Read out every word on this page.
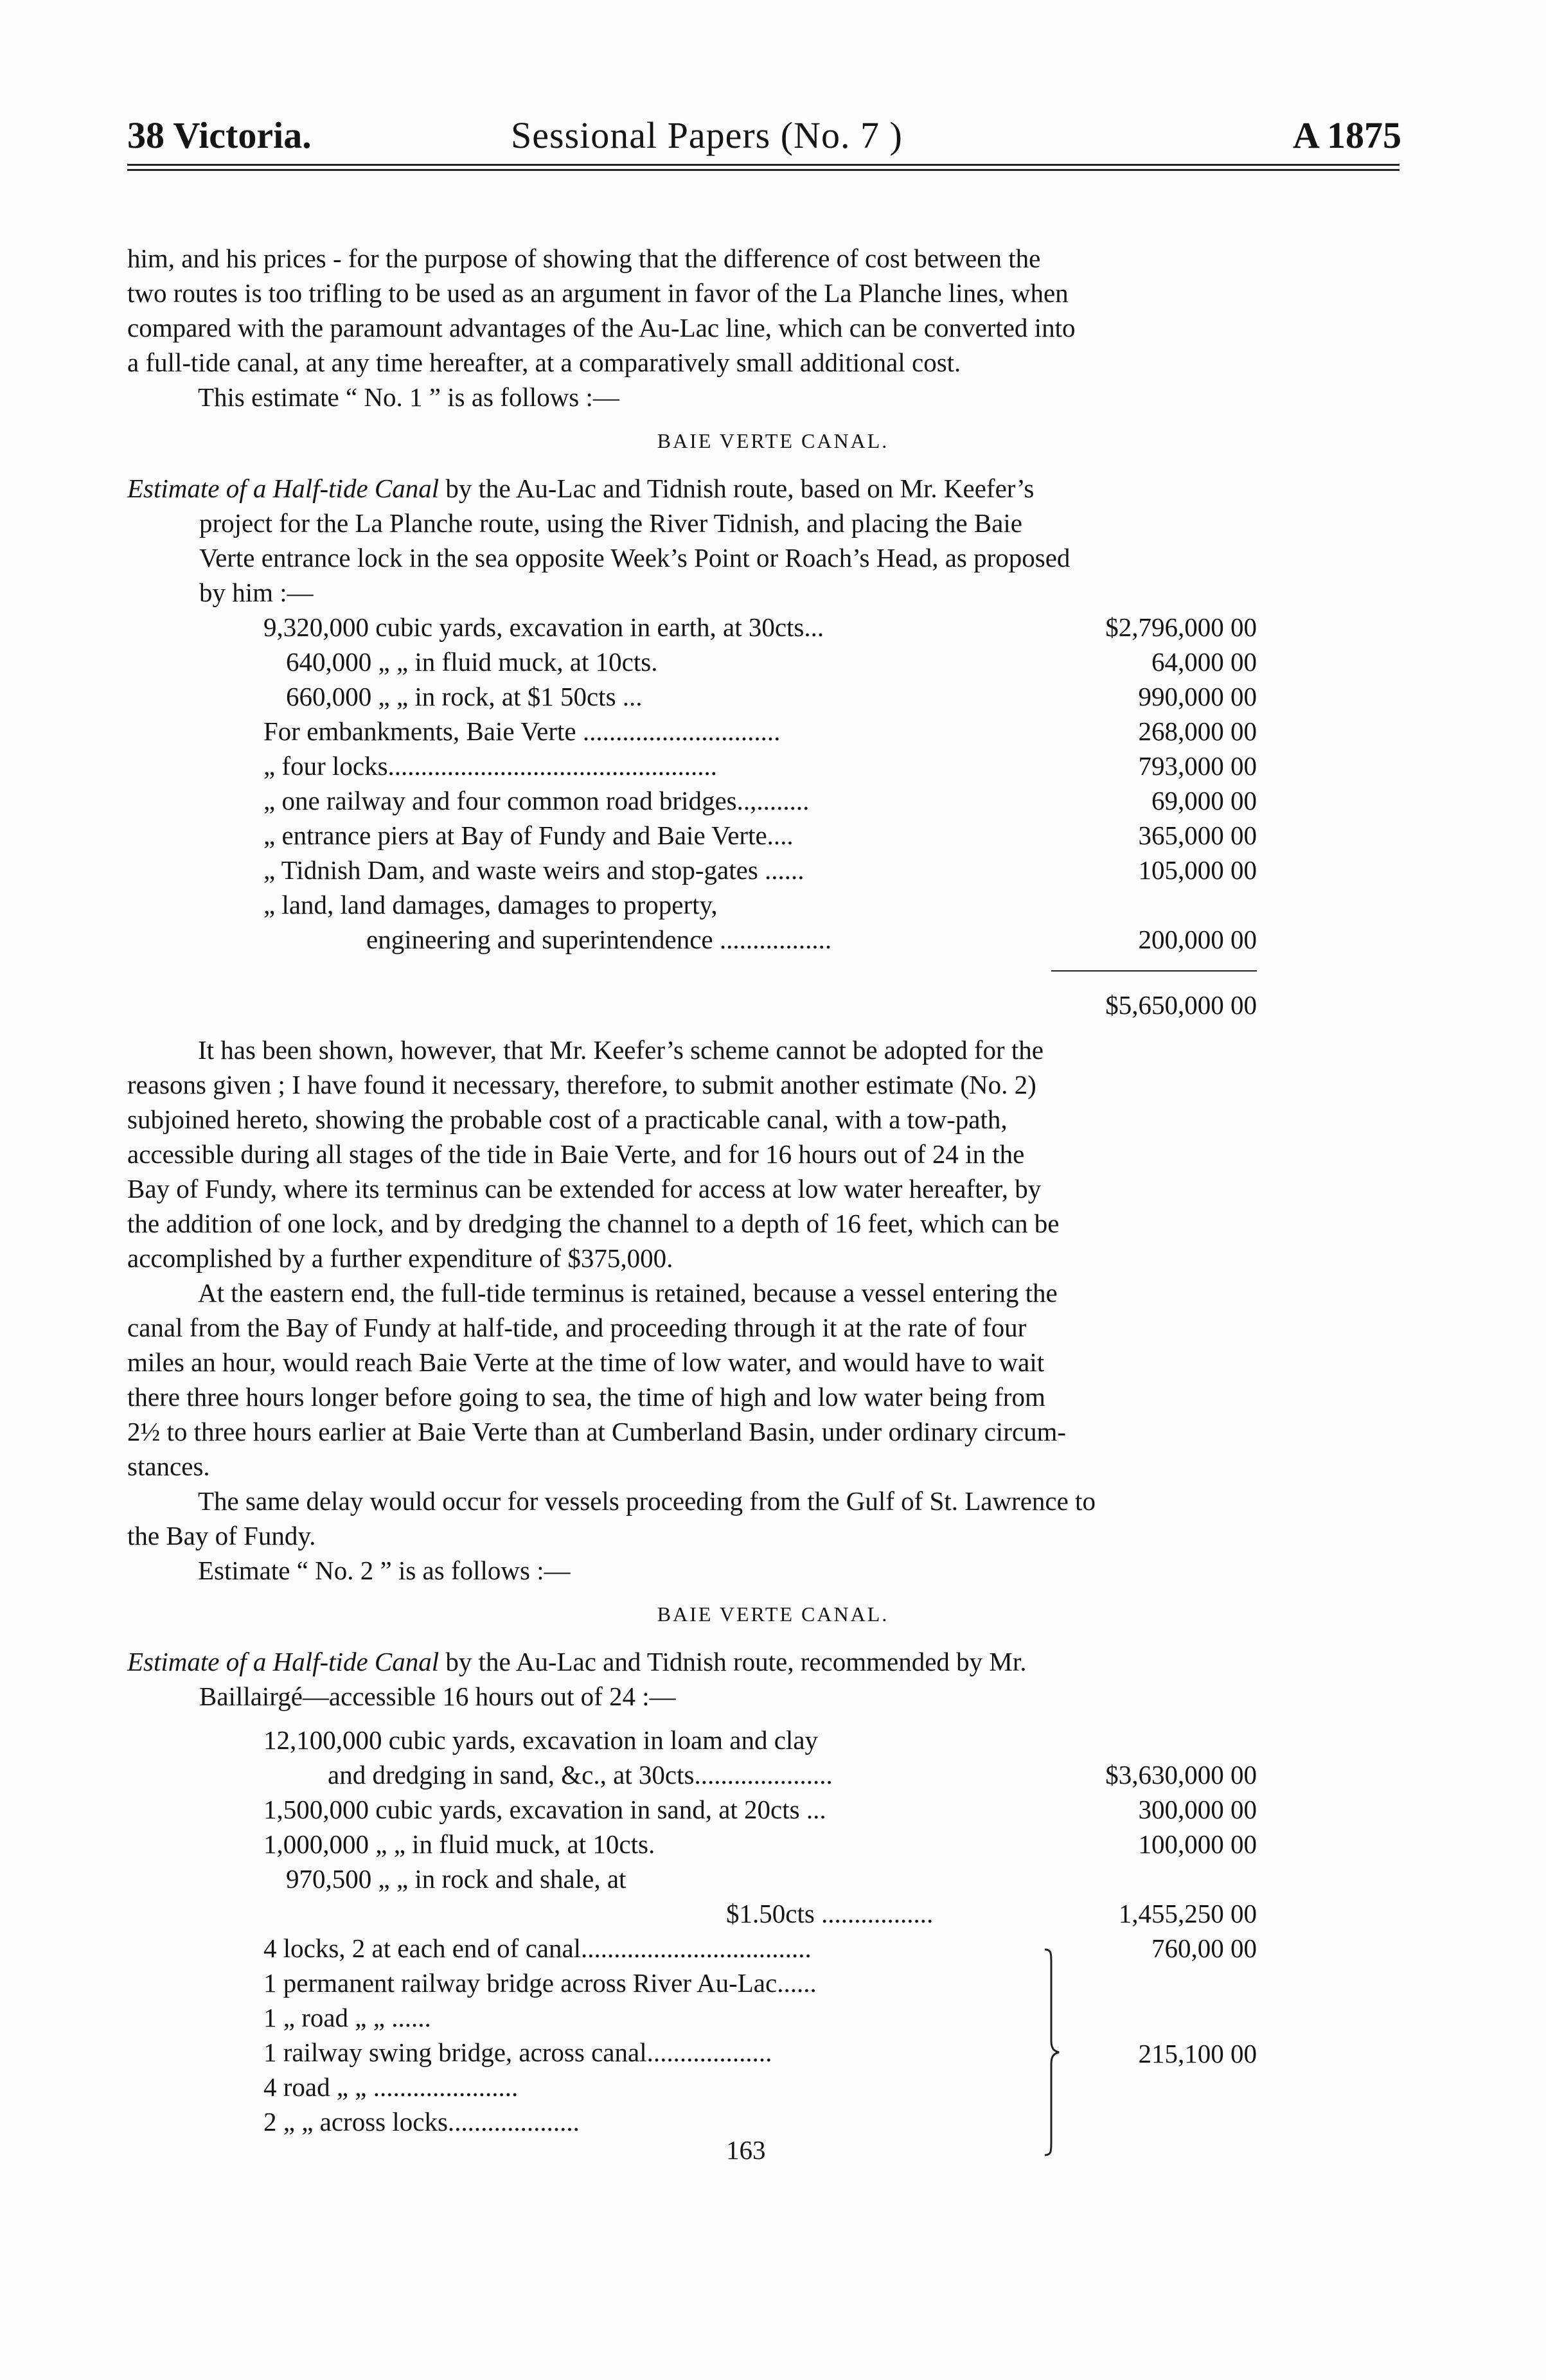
38 Victoria.	Sessional Papers (No. 7 )	A 1875
him, and his prices - for the purpose of showing that the difference of cost between the
two routes is too trifling to be used as an argument in favor of the La Planche lines, when
compared with the paramount advantages of the Au-Lac line, which can be converted into
a full-tide canal, at any time hereafter, at a comparatively small additional cost.
This estimate “ No. 1 ” is as follows :—
BAIE VERTE CANAL.
Estimate of a Half-tide Canal by the Au-Lac and Tidnish route, based on Mr. Keefer’s
project for the La Planche route, using the River Tidnish, and placing the Baie
Verte entrance lock in the sea opposite Week’s Point or Roach’s Head, as proposed
by him :—
9,320,000 cubic yards, excavation in earth, at 30cts...	$2,796,000 00
640,000 „ „ in fluid muck, at 10cts.	64,000 00
660,000 „ „ in rock, at $1 50cts ...	990,000 00
For embankments, Baie Verte ..............................	268,000 00
„ four locks..................................................	793,000 00
„ one railway and four common road bridges..,........	69,000 00
„ entrance piers at Bay of Fundy and Baie Verte....	365,000 00
„ Tidnish Dam, and waste weirs and stop-gates ......	105,000 00
„ land, land damages, damages to property,
engineering and superintendence .................	200,000 00
$5,650,000 00
It has been shown, however, that Mr. Keefer’s scheme cannot be adopted for the
reasons given ; I have found it necessary, therefore, to submit another estimate (No. 2)
subjoined hereto, showing the probable cost of a practicable canal, with a tow-path,
accessible during all stages of the tide in Baie Verte, and for 16 hours out of 24 in the
Bay of Fundy, where its terminus can be extended for access at low water hereafter, by
the addition of one lock, and by dredging the channel to a depth of 16 feet, which can be
accomplished by a further expenditure of $375,000.
At the eastern end, the full-tide terminus is retained, because a vessel entering the
canal from the Bay of Fundy at half-tide, and proceeding through it at the rate of four
miles an hour, would reach Baie Verte at the time of low water, and would have to wait
there three hours longer before going to sea, the time of high and low water being from
2½ to three hours earlier at Baie Verte than at Cumberland Basin, under ordinary circum-
stances.
The same delay would occur for vessels proceeding from the Gulf of St. Lawrence to
the Bay of Fundy.
Estimate “ No. 2 ” is as follows :—
BAIE VERTE CANAL.
Estimate of a Half-tide Canal by the Au-Lac and Tidnish route, recommended by Mr.
Baillairgé—accessible 16 hours out of 24 :—
12,100,000 cubic yards, excavation in loam and clay
and dredging in sand, &c., at 30cts.....................	$3,630,000 00
1,500,000 cubic yards, excavation in sand, at 20cts ...	300,000 00
1,000,000 „ „ in fluid muck, at 10cts.	100,000 00
970,500 „ „ in rock and shale, at
$1.50cts .................	1,455,250 00
4 locks, 2 at each end of canal...................................	760,00 00
1 permanent railway bridge across River Au-Lac......
1 „ road „ „ ......
1 railway swing bridge, across canal...................
4 road „ „ ......................
2 „ „ across locks....................
215,100 00
163
